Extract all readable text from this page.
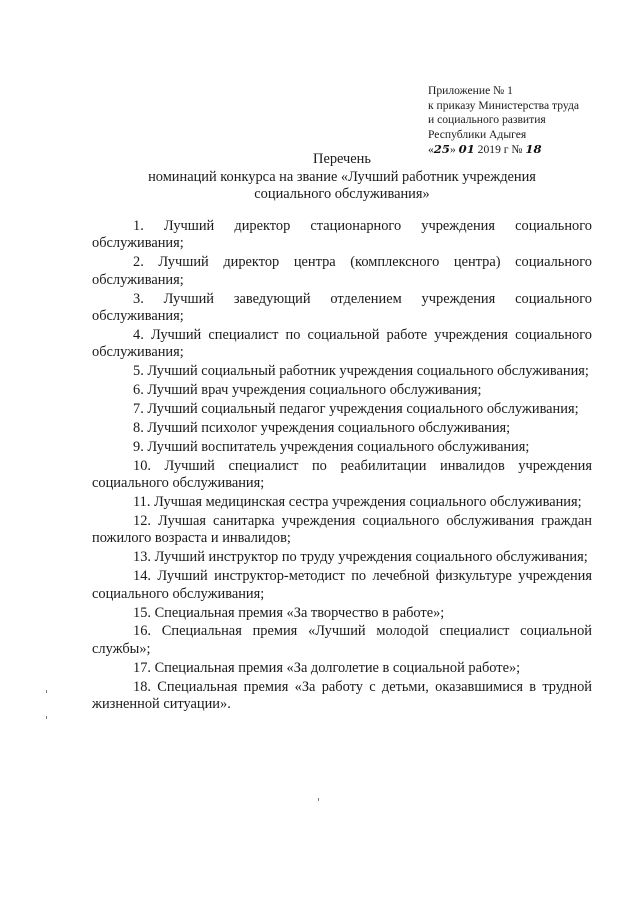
Приложение № 1
к приказу Министерства труда
и социального развития
Республики Адыгея
«25» 01 2019 г № 18
Перечень
номинаций конкурса на звание «Лучший работник учреждения
социального обслуживания»

1. Лучший директор стационарного учреждения социального обслуживания;

2. Лучший директор центра (комплексного центра) социального обслуживания;

3. Лучший заведующий отделением учреждения социального обслуживания;

4. Лучший специалист по социальной работе учреждения социального обслуживания;

5. Лучший социальный работник учреждения социального обслуживания;

6. Лучший врач учреждения социального обслуживания;

7. Лучший социальный педагог учреждения социального обслуживания;

8. Лучший психолог учреждения социального обслуживания;

9. Лучший воспитатель учреждения социального обслуживания;

10. Лучший специалист по реабилитации инвалидов учреждения социального обслуживания;

11. Лучшая медицинская сестра учреждения социального обслуживания;

12. Лучшая санитарка учреждения социального обслуживания граждан пожилого возраста и инвалидов;

13. Лучший инструктор по труду учреждения социального обслуживания;

14. Лучший инструктор-методист по лечебной физкультуре учреждения социального обслуживания;

15. Специальная премия «За творчество в работе»;

16. Специальная премия «Лучший молодой специалист социальной службы»;

17. Специальная премия «За долголетие в социальной работе»;

18. Специальная премия «За работу с детьми, оказавшимися в трудной жизненной ситуации».
